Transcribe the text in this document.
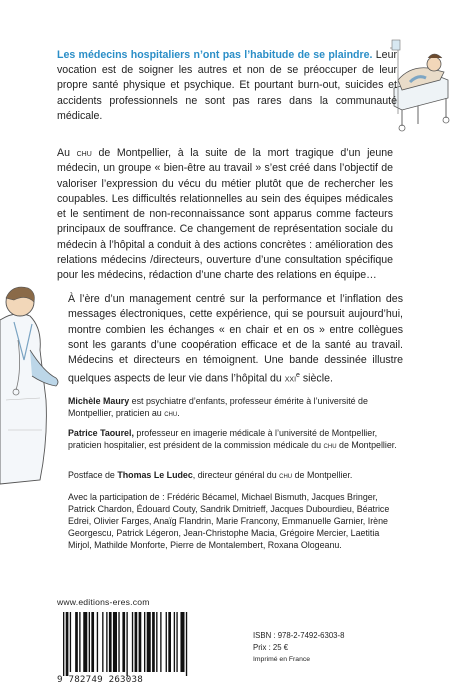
Les médecins hospitaliers n’ont pas l’habitude de se plaindre. Leur vocation est de soigner les autres et non de se préoccuper de leur propre santé physique et psychique. Et pourtant burn-out, suicides et accidents professionnels ne sont pas rares dans la communauté médicale.
Au chu de Montpellier, à la suite de la mort tragique d’un jeune médecin, un groupe « bien-être au travail » s’est créé dans l’objectif de valoriser l’expression du vécu du métier plutôt que de rechercher les coupables. Les difficultés relationnelles au sein des équipes médicales et le sentiment de non-reconnaissance sont apparus comme facteurs principaux de souffrance. Ce changement de représentation sociale du médecin à l’hôpital a conduit à des actions concrètes : amélioration des relations médecins /directeurs, ouverture d’une consultation spécifique pour les médecins, rédaction d’une charte des relations en équipe…
À l’ère d’un management centré sur la performance et l’inflation des messages électroniques, cette expérience, qui se poursuit aujourd’hui, montre combien les échanges « en chair et en os » entre collègues sont les garants d’une coopération efficace et de la santé au travail. Médecins et directeurs en témoignent. Une bande dessinée illustre quelques aspects de leur vie dans l’hôpital du xxi$^e$ siècle.
Michèle Maury est psychiatre d’enfants, professeur émérite à l’université de Montpellier, praticien au chu.
Patrice Taourel, professeur en imagerie médicale à l’université de Montpellier, praticien hospitalier, est président de la commission médicale du chu de Montpellier.
Postface de Thomas Le Ludec, directeur général du chu de Montpellier.
Avec la participation de : Frédéric Bécamel, Michael Bismuth, Jacques Bringer, Patrick Chardon, Édouard Couty, Sandrik Dmitrieff, Jacques Dubourdieu, Béatrice Edrei, Olivier Farges, Anaïg Flandrin, Marie Francony, Emmanuelle Garnier, Irène Georgescu, Patrick Légeron, Jean-Christophe Macia, Grégoire Mercier, Laetitia Mirjol, Mathilde Monforte, Pierre de Montalembert, Roxana Ologeanu.
www.editions-eres.com
9 782749 263038
ISBN : 978-2-7492-6303-8
Prix : 25 €
Imprimé en France
